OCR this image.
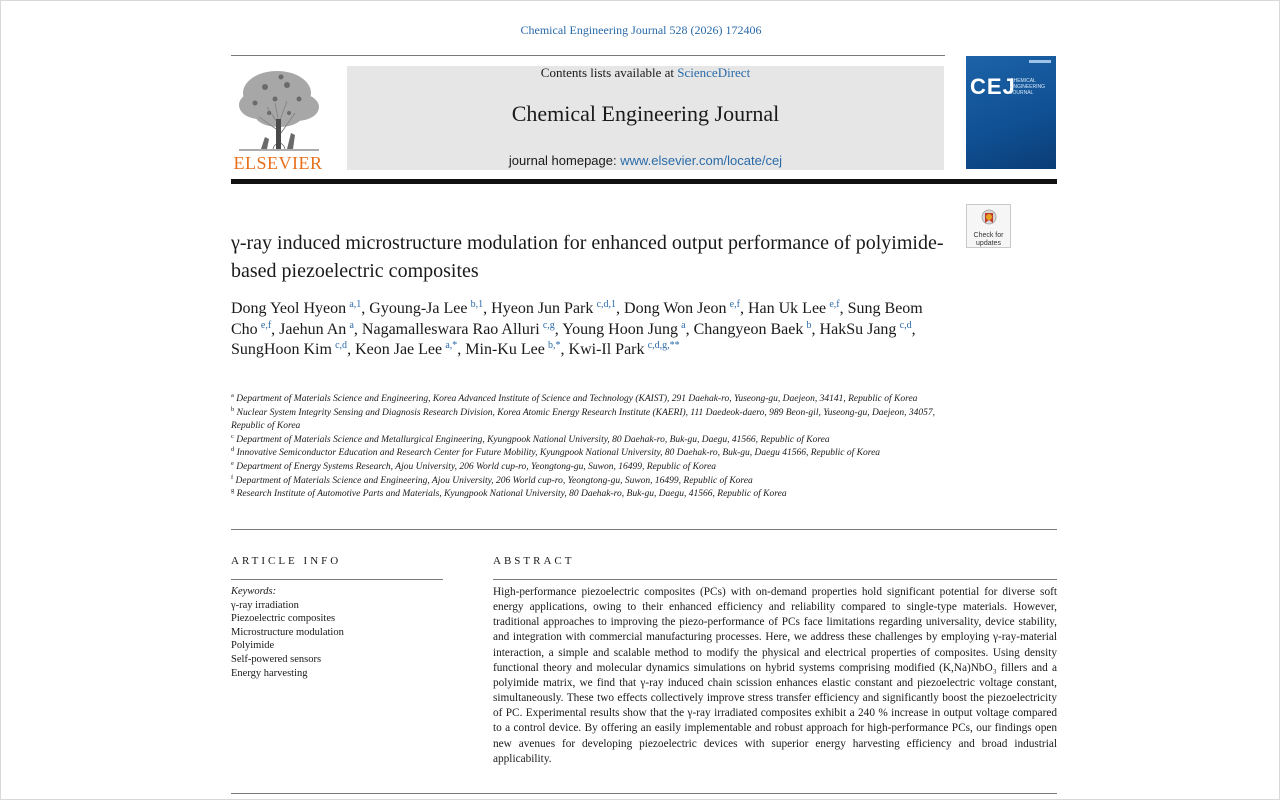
Chemical Engineering Journal 528 (2026) 172406
ELSEVIER
Contents lists available at ScienceDirect
Chemical Engineering Journal
journal homepage: www.elsevier.com/locate/cej
CEJ
CHEMICAL ENGINEERING JOURNAL
Check for
updates
γ-ray induced microstructure modulation for enhanced output performance of polyimide-based piezoelectric composites
Dong Yeol Hyeon  $^{a,1}$, Gyoung-Ja Lee  $^{b,1}$, Hyeon Jun Park  $^{c,d,1}$, Dong Won Jeon  $^{e,f}$, Han Uk Lee  $^{e,f}$, Sung Beom Cho  $^{e,f}$, Jaehun An  $^a$, Nagamalleswara Rao Alluri  $^{c,g}$, Young Hoon Jung  $^a$, Changyeon Baek  $^b$, HakSu Jang  $^{c,d}$, SungHoon Kim  $^{c,d}$, Keon Jae Lee  $^{a,*}$, Min-Ku Lee  $^{b,*}$, Kwi-Il Park  $^{c,d,g,**}$
$^a$ Department of Materials Science and Engineering, Korea Advanced Institute of Science and Technology (KAIST), 291 Daehak-ro, Yuseong-gu, Daejeon, 34141, Republic of Korea
$^b$ Nuclear System Integrity Sensing and Diagnosis Research Division, Korea Atomic Energy Research Institute (KAERI), 111 Daedeok-daero, 989 Beon-gil, Yuseong-gu, Daejeon, 34057, Republic of Korea
$^c$ Department of Materials Science and Metallurgical Engineering, Kyungpook National University, 80 Daehak-ro, Buk-gu, Daegu, 41566, Republic of Korea
$^d$ Innovative Semiconductor Education and Research Center for Future Mobility, Kyungpook National University, 80 Daehak-ro, Buk-gu, Daegu 41566, Republic of Korea
$^e$ Department of Energy Systems Research, Ajou University, 206 World cup-ro, Yeongtong-gu, Suwon, 16499, Republic of Korea
$^f$ Department of Materials Science and Engineering, Ajou University, 206 World cup-ro, Yeongtong-gu, Suwon, 16499, Republic of Korea
$^g$ Research Institute of Automotive Parts and Materials, Kyungpook National University, 80 Daehak-ro, Buk-gu, Daegu, 41566, Republic of Korea
ARTICLE INFO	ABSTRACT
Keywords:
γ-ray irradiation
Piezoelectric composites
Microstructure modulation
Polyimide
Self-powered sensors
Energy harvesting
High-performance piezoelectric composites (PCs) with on-demand properties hold significant potential for diverse soft energy applications, owing to their enhanced efficiency and reliability compared to single-type materials. However, traditional approaches to improving the piezo-performance of PCs face limitations regarding universality, device stability, and integration with commercial manufacturing processes. Here, we address these challenges by employing γ-ray-material interaction, a simple and scalable method to modify the physical and electrical properties of composites. Using density functional theory and molecular dynamics simulations on hybrid systems comprising modified (K,Na)NbO₃ fillers and a polyimide matrix, we find that γ-ray induced chain scission enhances elastic constant and piezoelectric voltage constant, simultaneously. These two effects collectively improve stress transfer efficiency and significantly boost the piezoelectricity of PC. Experimental results show that the γ-ray irradiated composites exhibit a 240 % increase in output voltage compared to a control device. By offering an easily implementable and robust approach for high-performance PCs, our findings open new avenues for developing piezoelectric devices with superior energy harvesting efficiency and broad industrial applicability.
